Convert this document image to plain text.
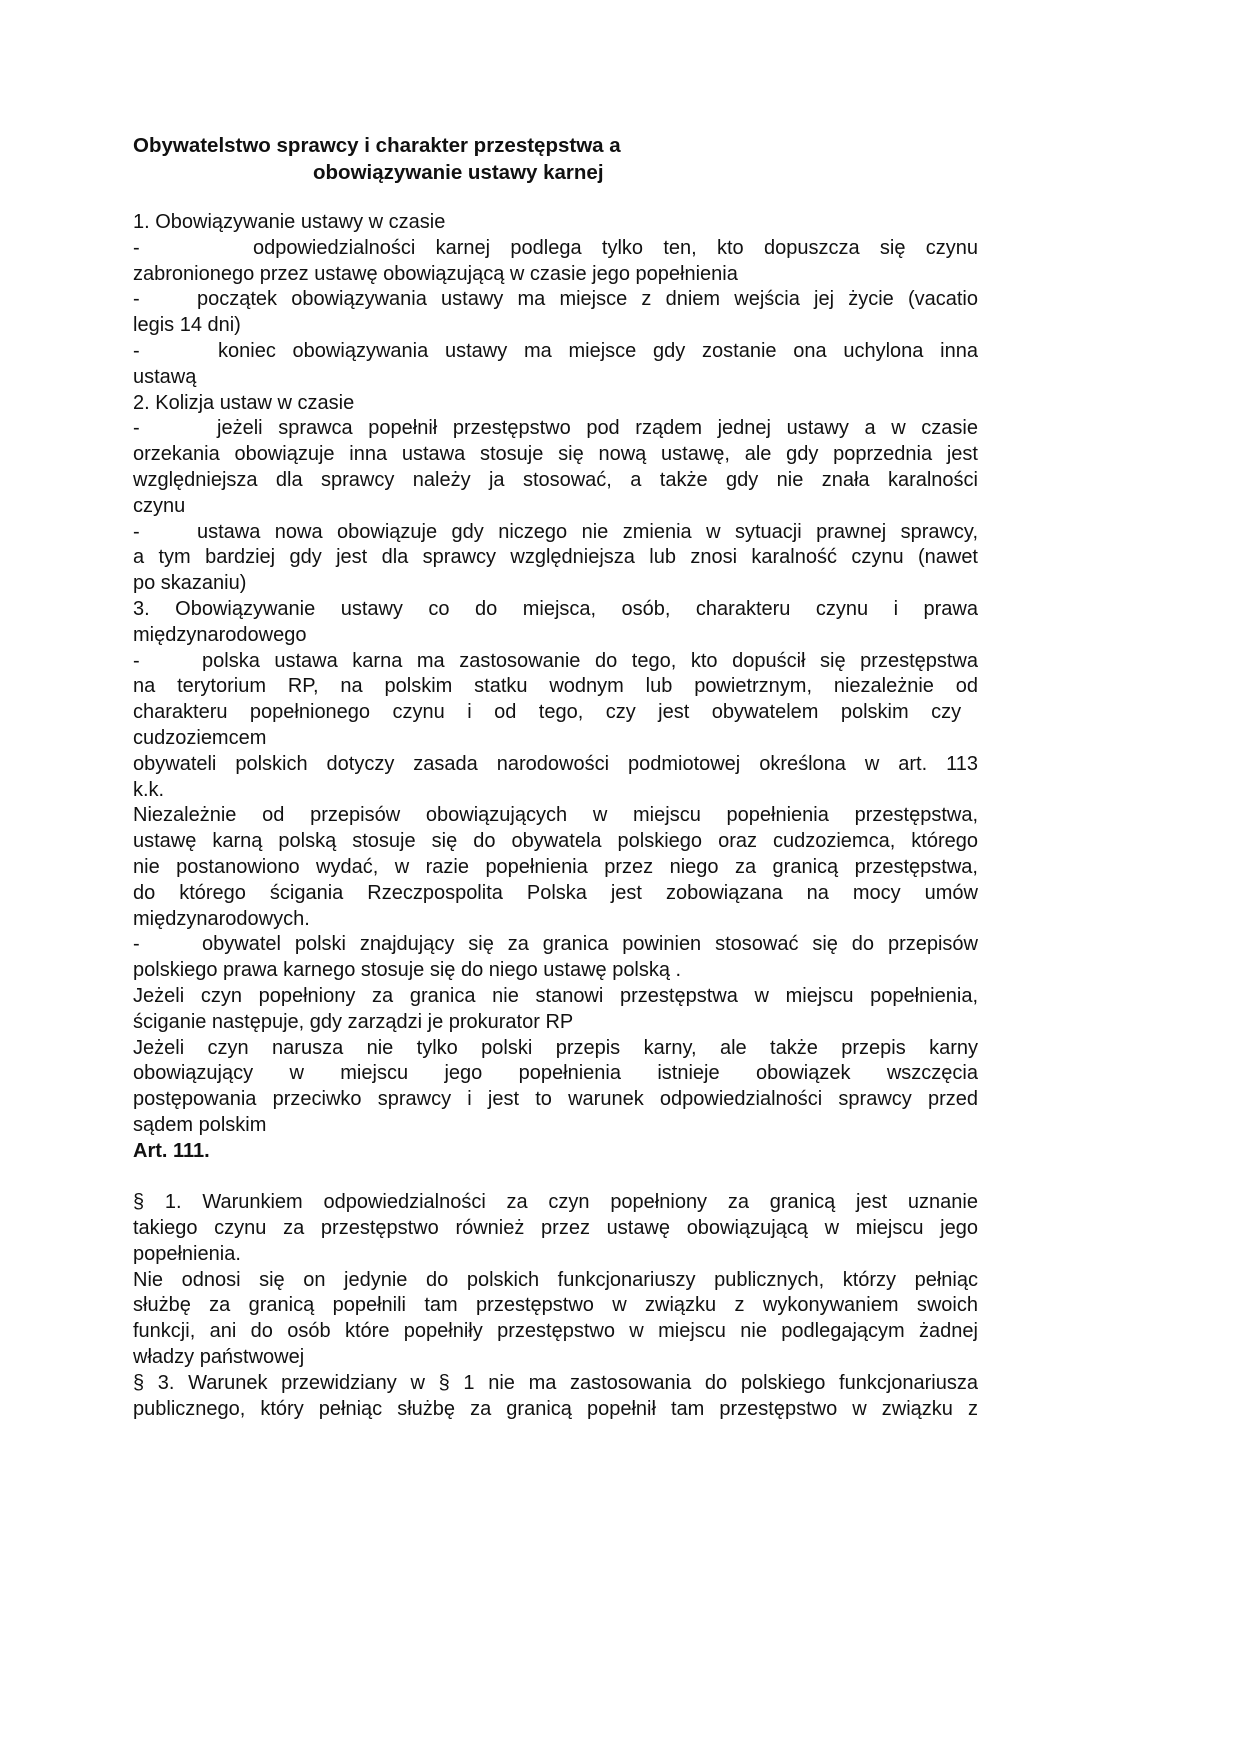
Obywatelstwo sprawcy i charakter przestępstwa a
obowiązywanie ustawy karnej
1. Obowiązywanie ustawy w czasie
-	odpowiedzialności karnej podlega tylko ten, kto dopuszcza się czynu
zabronionego przez ustawę obowiązującą w czasie jego popełnienia
-	początek obowiązywania ustawy ma miejsce z dniem wejścia jej życie (vacatio
legis 14 dni)
-	koniec obowiązywania ustawy ma miejsce gdy zostanie ona uchylona inna
ustawą
2. Kolizja ustaw w czasie
-	jeżeli sprawca popełnił przestępstwo pod rządem jednej ustawy a w czasie
orzekania obowiązuje inna ustawa stosuje się nową ustawę, ale gdy poprzednia jest
względniejsza dla sprawcy należy ja stosować, a także gdy nie znała karalności
czynu
-	ustawa nowa obowiązuje gdy niczego nie zmienia w sytuacji prawnej sprawcy,
a tym bardziej gdy jest dla sprawcy względniejsza lub znosi karalność czynu (nawet
po skazaniu)
3. Obowiązywanie ustawy co do miejsca, osób, charakteru czynu i prawa
międzynarodowego
-	polska ustawa karna ma zastosowanie do tego, kto dopuścił się przestępstwa
na terytorium RP, na polskim statku wodnym lub powietrznym, niezależnie od
charakteru popełnionego czynu i od tego, czy jest obywatelem polskim czy
cudzoziemcem
obywateli polskich dotyczy zasada narodowości podmiotowej określona w art. 113
k.k.
Niezależnie od przepisów obowiązujących w miejscu popełnienia przestępstwa,
ustawę karną polską stosuje się do obywatela polskiego oraz cudzoziemca, którego
nie postanowiono wydać, w razie popełnienia przez niego za granicą przestępstwa,
do którego ścigania Rzeczpospolita Polska jest zobowiązana na mocy umów
międzynarodowych.
-	obywatel polski znajdujący się za granica powinien stosować się do przepisów
polskiego prawa karnego stosuje się do niego ustawę polską .
Jeżeli czyn popełniony za granica nie stanowi przestępstwa w miejscu popełnienia,
ściganie następuje, gdy zarządzi je prokurator RP
Jeżeli czyn narusza nie tylko polski przepis karny, ale także przepis karny
obowiązujący w miejscu jego popełnienia istnieje obowiązek wszczęcia
postępowania przeciwko sprawcy i jest to warunek odpowiedzialności sprawcy przed
sądem polskim
Art. 111.
§ 1. Warunkiem odpowiedzialności za czyn popełniony za granicą jest uznanie
takiego czynu za przestępstwo również przez ustawę obowiązującą w miejscu jego
popełnienia.
Nie odnosi się on jedynie do polskich funkcjonariuszy publicznych, którzy pełniąc
służbę za granicą popełnili tam przestępstwo w związku z wykonywaniem swoich
funkcji, ani do osób które popełniły przestępstwo w miejscu nie podlegającym żadnej
władzy państwowej
§ 3. Warunek przewidziany w § 1 nie ma zastosowania do polskiego funkcjonariusza
publicznego, który pełniąc służbę za granicą popełnił tam przestępstwo w związku z
